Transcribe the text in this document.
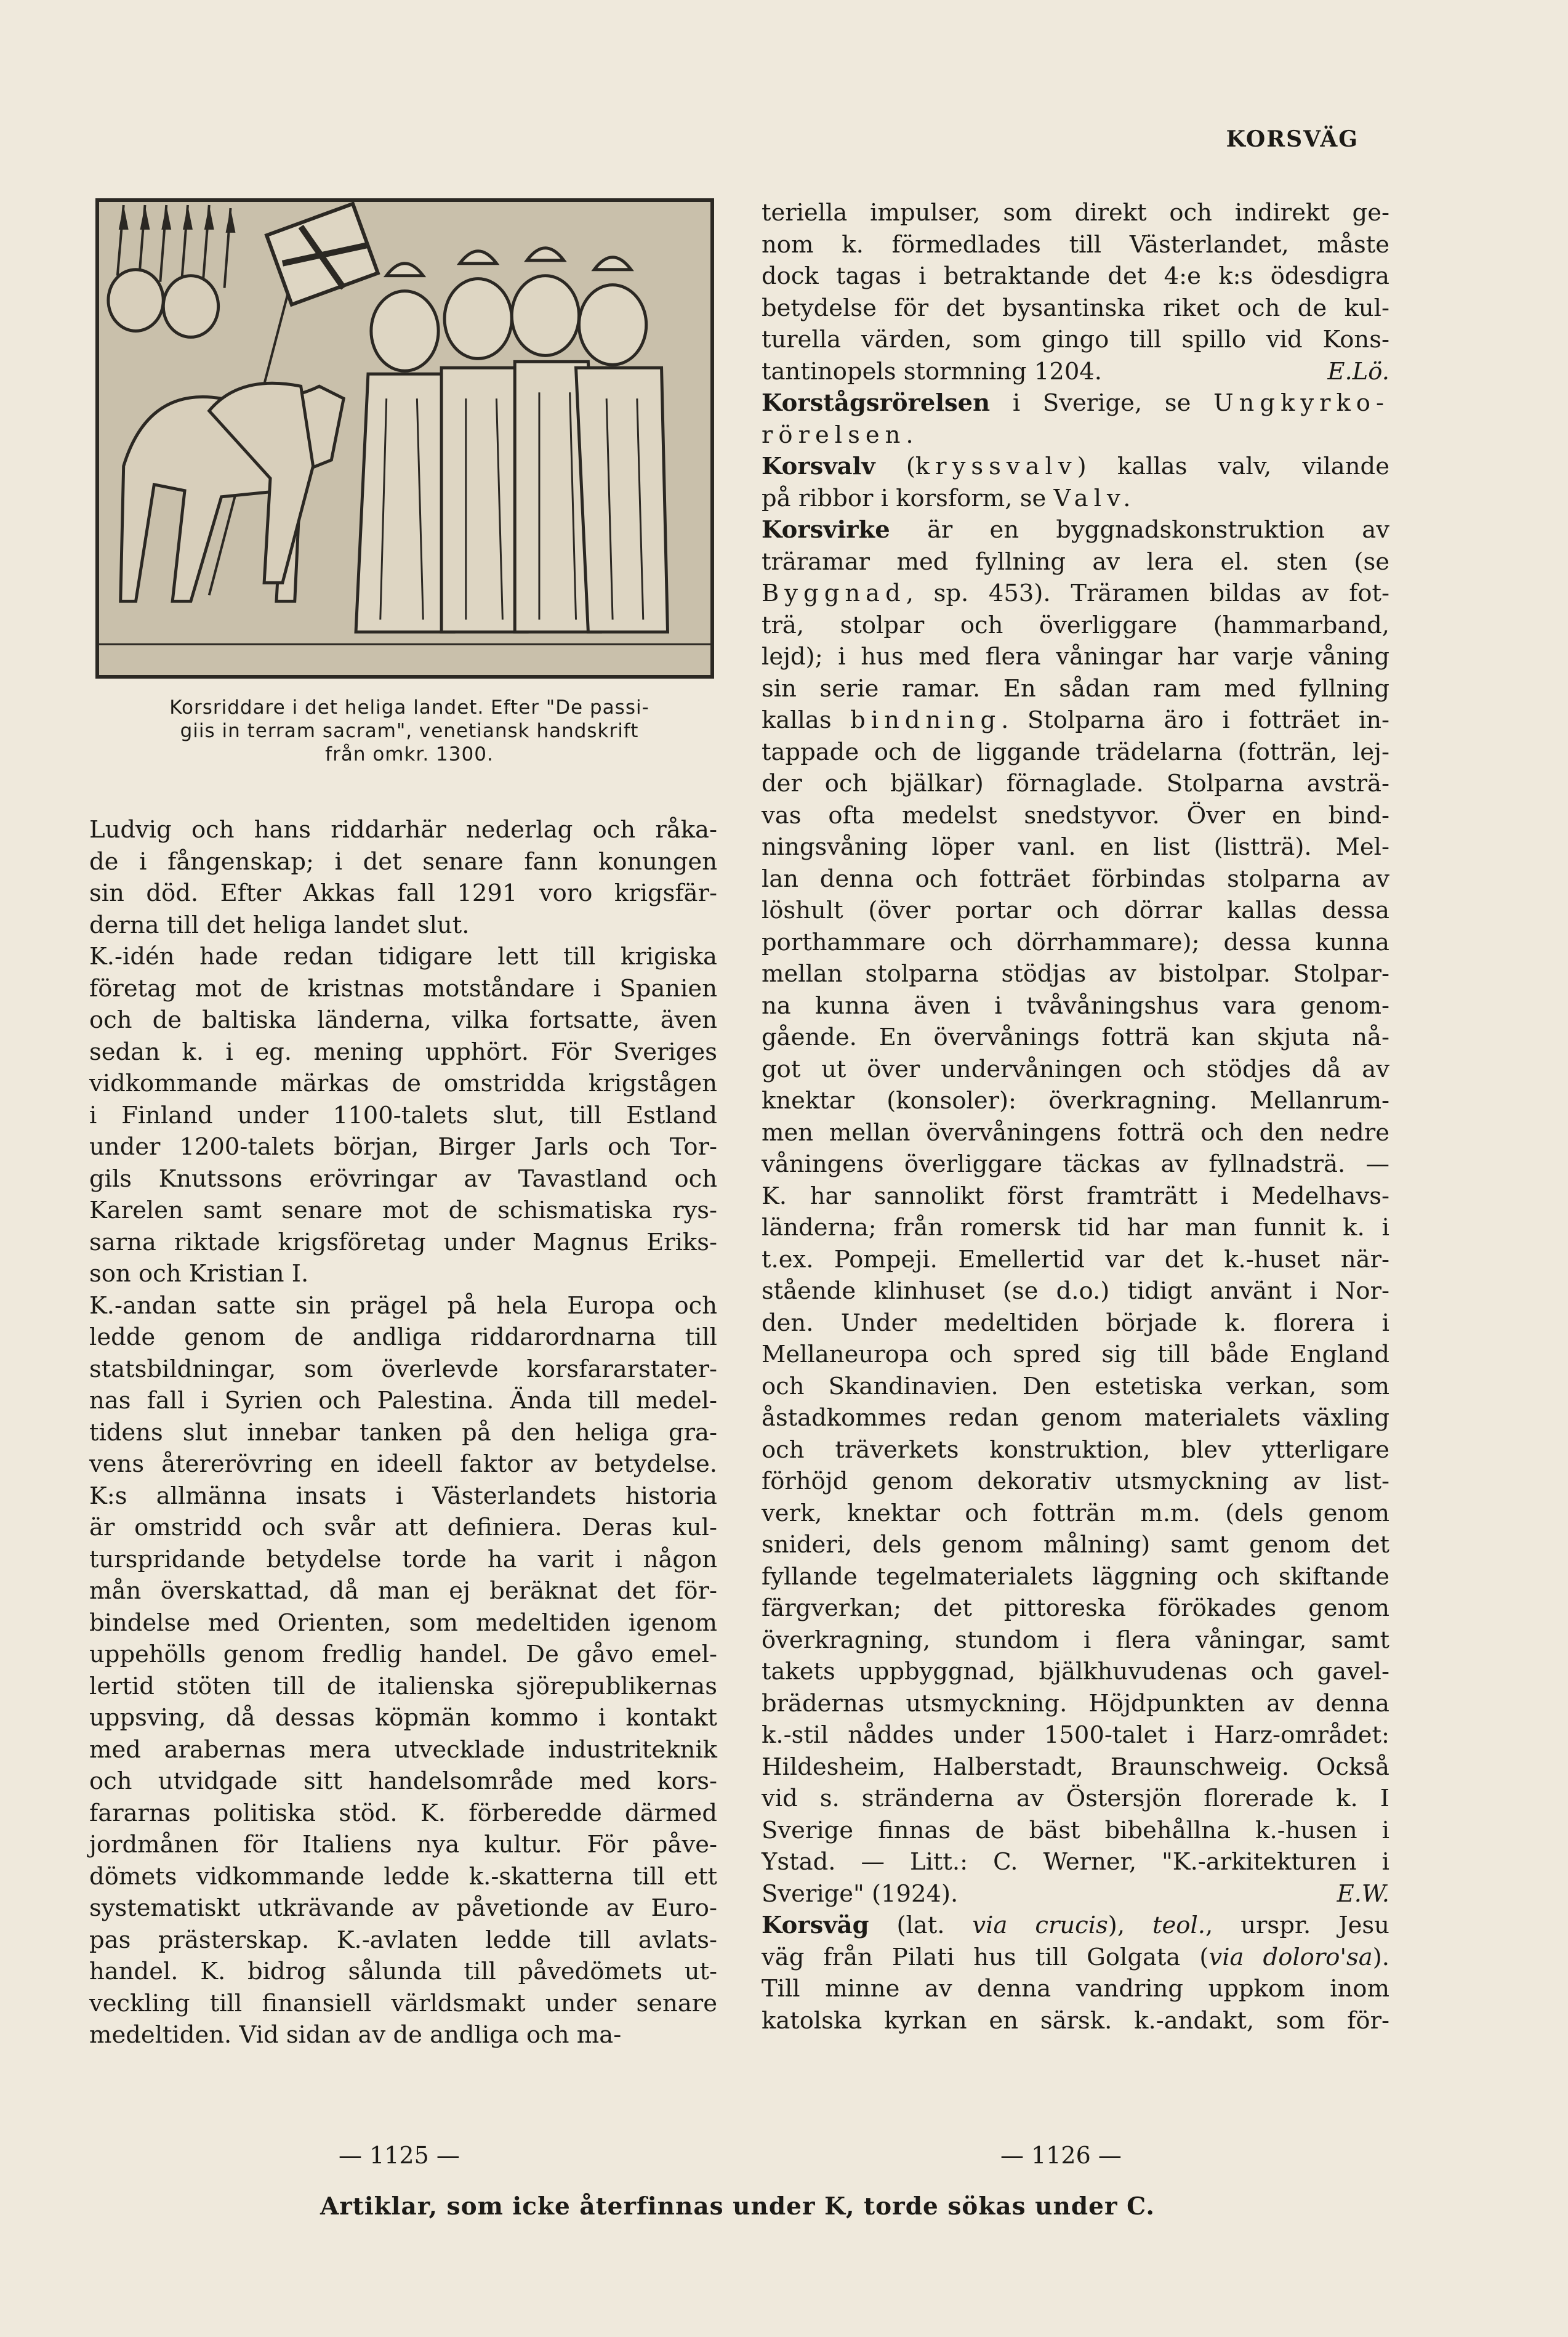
KORSVÄG
Korsriddare i det heliga landet. Efter "De passi-
giis in terram sacram", venetiansk handskrift
från omkr. 1300.
Ludvig och hans riddarhär nederlag och råka-
de i fångenskap; i det senare fann konungen
sin död. Efter Akkas fall 1291 voro krigsfär-
derna till det heliga landet slut.
K.-idén hade redan tidigare lett till krigiska
företag mot de kristnas motståndare i Spanien
och de baltiska länderna, vilka fortsatte, även
sedan k. i eg. mening upphört. För Sveriges
vidkommande märkas de omstridda krigstågen
i Finland under 1100-talets slut, till Estland
under 1200-talets början, Birger Jarls och Tor-
gils Knutssons erövringar av Tavastland och
Karelen samt senare mot de schismatiska rys-
sarna riktade krigsföretag under Magnus Eriks-
son och Kristian I.
K.-andan satte sin prägel på hela Europa och
ledde genom de andliga riddarordnarna till
statsbildningar, som överlevde korsfararstater-
nas fall i Syrien och Palestina. Ända till medel-
tidens slut innebar tanken på den heliga gra-
vens återerövring en ideell faktor av betydelse.
K:s allmänna insats i Västerlandets historia
är omstridd och svår att definiera. Deras kul-
turspridande betydelse torde ha varit i någon
mån överskattad, då man ej beräknat det för-
bindelse med Orienten, som medeltiden igenom
uppehölls genom fredlig handel. De gåvo emel-
lertid stöten till de italienska sjörepublikernas
uppsving, då dessas köpmän kommo i kontakt
med arabernas mera utvecklade industriteknik
och utvidgade sitt handelsområde med kors-
fararnas politiska stöd. K. förberedde därmed
jordmånen för Italiens nya kultur. För påve-
dömets vidkommande ledde k.-skatterna till ett
systematiskt utkrävande av påvetionde av Euro-
pas prästerskap. K.-avlaten ledde till avlats-
handel. K. bidrog sålunda till påvedömets ut-
veckling till finansiell världsmakt under senare
medeltiden. Vid sidan av de andliga och ma-
teriella impulser, som direkt och indirekt ge-
nom k. förmedlades till Västerlandet, måste
dock tagas i betraktande det 4:e k:s ödesdigra
betydelse för det bysantinska riket och de kul-
turella värden, som gingo till spillo vid Kons-
tantinopels stormning 1204.	E.Lö.
Korstågsrörelsen i Sverige, se Ungkyrko-
rörelsen.
Korsvalv (kryssvalv) kallas valv, vilande
på ribbor i korsform, se Valv.
Korsvirke är en byggnadskonstruktion av
träramar med fyllning av lera el. sten (se
Byggnad, sp. 453). Träramen bildas av fot-
trä, stolpar och överliggare (hammarband,
lejd); i hus med flera våningar har varje våning
sin serie ramar. En sådan ram med fyllning
kallas bindning. Stolparna äro i fotträet in-
tappade och de liggande trädelarna (fotträn, lej-
der och bjälkar) förnaglade. Stolparna avsträ-
vas ofta medelst snedstyvor. Över en bind-
ningsvåning löper vanl. en list (listträ). Mel-
lan denna och fotträet förbindas stolparna av
löshult (över portar och dörrar kallas dessa
porthammare och dörrhammare); dessa kunna
mellan stolparna stödjas av bistolpar. Stolpar-
na kunna även i tvåvåningshus vara genom-
gående. En övervånings fotträ kan skjuta nå-
got ut över undervåningen och stödjes då av
knektar (konsoler): överkragning. Mellanrum-
men mellan övervåningens fotträ och den nedre
våningens överliggare täckas av fyllnadsträ. —
K. har sannolikt först framträtt i Medelhavs-
länderna; från romersk tid har man funnit k. i
t.ex. Pompeji. Emellertid var det k.-huset när-
stående klinhuset (se d.o.) tidigt använt i Nor-
den. Under medeltiden började k. florera i
Mellaneuropa och spred sig till både England
och Skandinavien. Den estetiska verkan, som
åstadkommes redan genom materialets växling
och träverkets konstruktion, blev ytterligare
förhöjd genom dekorativ utsmyckning av list-
verk, knektar och fotträn m.m. (dels genom
sniderі, dels genom målning) samt genom det
fyllande tegelmaterialets läggning och skiftande
färgverkan; det pittoreska förökades genom
överkragning, stundom i flera våningar, samt
takets uppbyggnad, bjälkhuvudenas och gavel-
brädernas utsmyckning. Höjdpunkten av denna
k.-stil nåddes under 1500-talet i Harz-området:
Hildesheim, Halberstadt, Braunschweig. Också
vid s. stränderna av Östersjön florerade k. I
Sverige finnas de bäst bibehållna k.-husen i
Ystad. — Litt.: C. Werner, "K.-arkitekturen i
Sverige" (1924).	E.W.
Korsväg (lat. via crucis), teol., urspr. Jesu
väg från Pilati hus till Golgata (via doloro'sa).
Till minne av denna vandring uppkom inom
katolska kyrkan en särsk. k.-andakt, som för-
— 1125 —	— 1126 —
Artiklar, som icke återfinnas under K, torde sökas under C.
